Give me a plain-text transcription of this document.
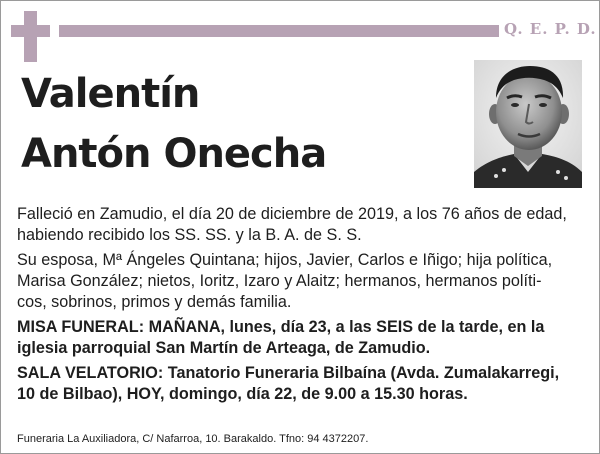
Q. E. P. D.
Valentín
Antón Onecha

Falleció en Zamudio, el día 20 de diciembre de 2019, a los 76 años de edad,
habiendo recibido los SS. SS. y la B. A. de S. S.

Su esposa, Mª Ángeles Quintana; hijos, Javier, Carlos e Iñigo; hija política,
Marisa González; nietos, Ioritz, Izaro y Alaitz; hermanos, hermanos políti-
cos, sobrinos, primos y demás familia.

MISA FUNERAL: MAÑANA, lunes, día 23, a las SEIS de la tarde, en la
iglesia parroquial San Martín de Arteaga, de Zamudio.

SALA VELATORIO: Tanatorio Funeraria Bilbaína (Avda. Zumalakarregi,
10 de Bilbao), HOY, domingo, día 22, de 9.00 a 15.30 horas.

Funeraria La Auxiliadora, C/ Nafarroa, 10. Barakaldo. Tfno: 94 4372207.
